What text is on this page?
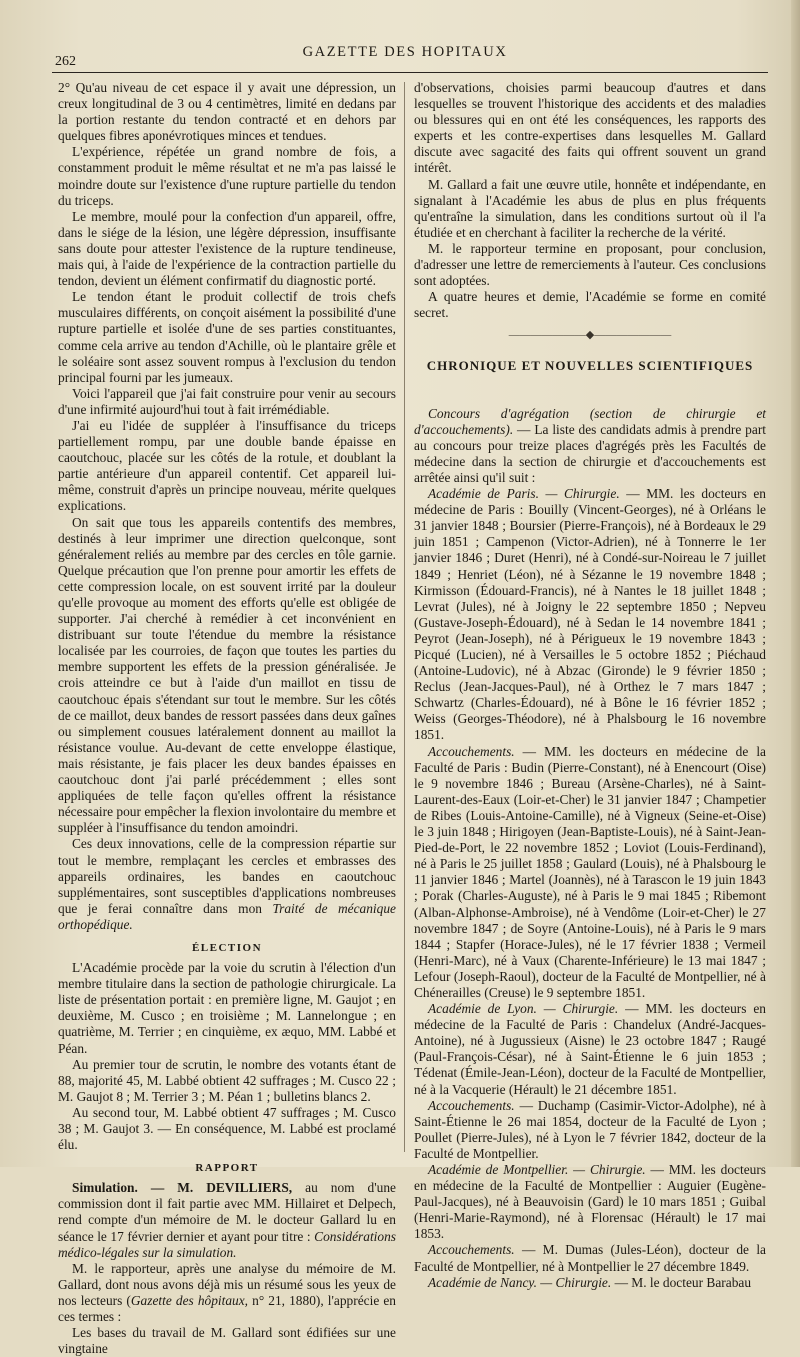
262
GAZETTE DES HOPITAUX

2° Qu'au niveau de cet espace il y avait une dépression, un creux longitudinal de 3 ou 4 centimètres, limité en dedans par la portion restante du tendon contracté et en dehors par quelques fibres aponévrotiques minces et tendues.

L'expérience, répétée un grand nombre de fois, a constamment produit le même résultat et ne m'a pas laissé le moindre doute sur l'existence d'une rupture partielle du tendon du triceps.

Le membre, moulé pour la confection d'un appareil, offre, dans le siége de la lésion, une légère dépression, insuffisante sans doute pour attester l'existence de la rupture tendineuse, mais qui, à l'aide de l'expérience de la contraction partielle du tendon, devient un élément confirmatif du diagnostic porté.

Le tendon étant le produit collectif de trois chefs musculaires différents, on conçoit aisément la possibilité d'une rupture partielle et isolée d'une de ses parties constituantes, comme cela arrive au tendon d'Achille, où le plantaire grêle et le soléaire sont assez souvent rompus à l'exclusion du tendon principal fourni par les jumeaux.

Voici l'appareil que j'ai fait construire pour venir au secours d'une infirmité aujourd'hui tout à fait irrémédiable.

J'ai eu l'idée de suppléer à l'insuffisance du triceps partiellement rompu, par une double bande épaisse en caoutchouc, placée sur les côtés de la rotule, et doublant la partie antérieure d'un appareil contentif. Cet appareil lui-même, construit d'après un principe nouveau, mérite quelques explications.

On sait que tous les appareils contentifs des membres, destinés à leur imprimer une direction quelconque, sont généralement reliés au membre par des cercles en tôle garnie. Quelque précaution que l'on prenne pour amortir les effets de cette compression locale, on est souvent irrité par la douleur qu'elle provoque au moment des efforts qu'elle est obligée de supporter. J'ai cherché à remédier à cet inconvénient en distribuant sur toute l'étendue du membre la résistance localisée par les courroies, de façon que toutes les parties du membre supportent les effets de la pression généralisée. Je crois atteindre ce but à l'aide d'un maillot en tissu de caoutchouc épais s'étendant sur tout le membre. Sur les côtés de ce maillot, deux bandes de ressort passées dans deux gaînes ou simplement cousues latéralement donnent au maillot la résistance voulue. Au-devant de cette enveloppe élastique, mais résistante, je fais placer les deux bandes épaisses en caoutchouc dont j'ai parlé précédemment ; elles sont appliquées de telle façon qu'elles offrent la résistance nécessaire pour empêcher la flexion involontaire du membre et suppléer à l'insuffisance du tendon amoindri.

Ces deux innovations, celle de la compression répartie sur tout le membre, remplaçant les cercles et embrasses des appareils ordinaires, les bandes en caoutchouc supplémentaires, sont susceptibles d'applications nombreuses que je ferai connaître dans mon Traité de mécanique orthopédique.

ÉLECTION

L'Académie procède par la voie du scrutin à l'élection d'un membre titulaire dans la section de pathologie chirurgicale. La liste de présentation portait : en première ligne, M. Gaujot ; en deuxième, M. Cusco ; en troisième ; M. Lannelongue ; en quatrième, M. Terrier ; en cinquième, ex æquo, MM. Labbé et Péan.

Au premier tour de scrutin, le nombre des votants étant de 88, majorité 45, M. Labbé obtient 42 suffrages ; M. Cusco 22 ; M. Gaujot 8 ; M. Terrier 3 ; M. Péan 1 ; bulletins blancs 2.

Au second tour, M. Labbé obtient 47 suffrages ; M. Cusco 38 ; M. Gaujot 3. — En conséquence, M. Labbé est proclamé élu.

RAPPORT

Simulation. — M. DEVILLIERS, au nom d'une commission dont il fait partie avec MM. Hillairet et Delpech, rend compte d'un mémoire de M. le docteur Gallard lu en séance le 17 février dernier et ayant pour titre : Considérations médico-légales sur la simulation.

M. le rapporteur, après une analyse du mémoire de M. Gallard, dont nous avons déjà mis un résumé sous les yeux de nos lecteurs (Gazette des hôpitaux, n° 21, 1880), l'apprécie en ces termes :

Les bases du travail de M. Gallard sont édifiées sur une vingtaine

d'observations, choisies parmi beaucoup d'autres et dans lesquelles se trouvent l'historique des accidents et des maladies ou blessures qui en ont été les conséquences, les rapports des experts et les contre-expertises dans lesquelles M. Gallard discute avec sagacité des faits qui offrent souvent un grand intérêt.

M. Gallard a fait une œuvre utile, honnête et indépendante, en signalant à l'Académie les abus de plus en plus fréquents qu'entraîne la simulation, dans les conditions surtout où il l'a étudiée et en cherchant à faciliter la recherche de la vérité.

M. le rapporteur termine en proposant, pour conclusion, d'adresser une lettre de remerciements à l'auteur. Ces conclusions sont adoptées.

A quatre heures et demie, l'Académie se forme en comité secret.

———————◆———————
CHRONIQUE ET NOUVELLES SCIENTIFIQUES

Concours d'agrégation (section de chirurgie et d'accouchements). — La liste des candidats admis à prendre part au concours pour treize places d'agrégés près les Facultés de médecine dans la section de chirurgie et d'accouchements est arrêtée ainsi qu'il suit :

Académie de Paris. — Chirurgie. — MM. les docteurs en médecine de Paris : Bouilly (Vincent-Georges), né à Orléans le 31 janvier 1848 ; Boursier (Pierre-François), né à Bordeaux le 29 juin 1851 ; Campenon (Victor-Adrien), né à Tonnerre le 1er janvier 1846 ; Duret (Henri), né à Condé-sur-Noireau le 7 juillet 1849 ; Henriet (Léon), né à Sézanne le 19 novembre 1848 ; Kirmisson (Édouard-Francis), né à Nantes le 18 juillet 1848 ; Levrat (Jules), né à Joigny le 22 septembre 1850 ; Nepveu (Gustave-Joseph-Édouard), né à Sedan le 14 novembre 1841 ; Peyrot (Jean-Joseph), né à Périgueux le 19 novembre 1843 ; Picqué (Lucien), né à Versailles le 5 octobre 1852 ; Piéchaud (Antoine-Ludovic), né à Abzac (Gironde) le 9 février 1850 ; Reclus (Jean-Jacques-Paul), né à Orthez le 7 mars 1847 ; Schwartz (Charles-Édouard), né à Bône le 16 février 1852 ; Weiss (Georges-Théodore), né à Phalsbourg le 16 novembre 1851.

Accouchements. — MM. les docteurs en médecine de la Faculté de Paris : Budin (Pierre-Constant), né à Enencourt (Oise) le 9 novembre 1846 ; Bureau (Arsène-Charles), né à Saint-Laurent-des-Eaux (Loir-et-Cher) le 31 janvier 1847 ; Champetier de Ribes (Louis-Antoine-Camille), né à Vigneux (Seine-et-Oise) le 3 juin 1848 ; Hirigoyen (Jean-Baptiste-Louis), né à Saint-Jean-Pied-de-Port, le 22 novembre 1852 ; Loviot (Louis-Ferdinand), né à Paris le 25 juillet 1858 ; Gaulard (Louis), né à Phalsbourg le 11 janvier 1846 ; Martel (Joannès), né à Tarascon le 19 juin 1843 ; Porak (Charles-Auguste), né à Paris le 9 mai 1845 ; Ribemont (Alban-Alphonse-Ambroise), né à Vendôme (Loir-et-Cher) le 27 novembre 1847 ; de Soyre (Antoine-Louis), né à Paris le 9 mars 1844 ; Stapfer (Horace-Jules), né le 17 février 1838 ; Vermeil (Henri-Marc), né à Vaux (Charente-Inférieure) le 13 mai 1847 ; Lefour (Joseph-Raoul), docteur de la Faculté de Montpellier, né à Chénerailles (Creuse) le 9 septembre 1851.

Académie de Lyon. — Chirurgie. — MM. les docteurs en médecine de la Faculté de Paris : Chandelux (André-Jacques-Antoine), né à Jugussieux (Aisne) le 23 octobre 1847 ; Raugé (Paul-François-César), né à Saint-Étienne le 6 juin 1853 ; Tédenat (Émile-Jean-Léon), docteur de la Faculté de Montpellier, né à la Vacquerie (Hérault) le 21 décembre 1851.

Accouchements. — Duchamp (Casimir-Victor-Adolphe), né à Saint-Étienne le 26 mai 1854, docteur de la Faculté de Lyon ; Poullet (Pierre-Jules), né à Lyon le 7 février 1842, docteur de la Faculté de Montpellier.

Académie de Montpellier. — Chirurgie. — MM. les docteurs en médecine de la Faculté de Montpellier : Auguier (Eugène-Paul-Jacques), né à Beauvoisin (Gard) le 10 mars 1851 ; Guibal (Henri-Marie-Raymond), né à Florensac (Hérault) le 17 mai 1853.

Accouchements. — M. Dumas (Jules-Léon), docteur de la Faculté de Montpellier, né à Montpellier le 27 décembre 1849.

Académie de Nancy. — Chirurgie. — M. le docteur Barabau
